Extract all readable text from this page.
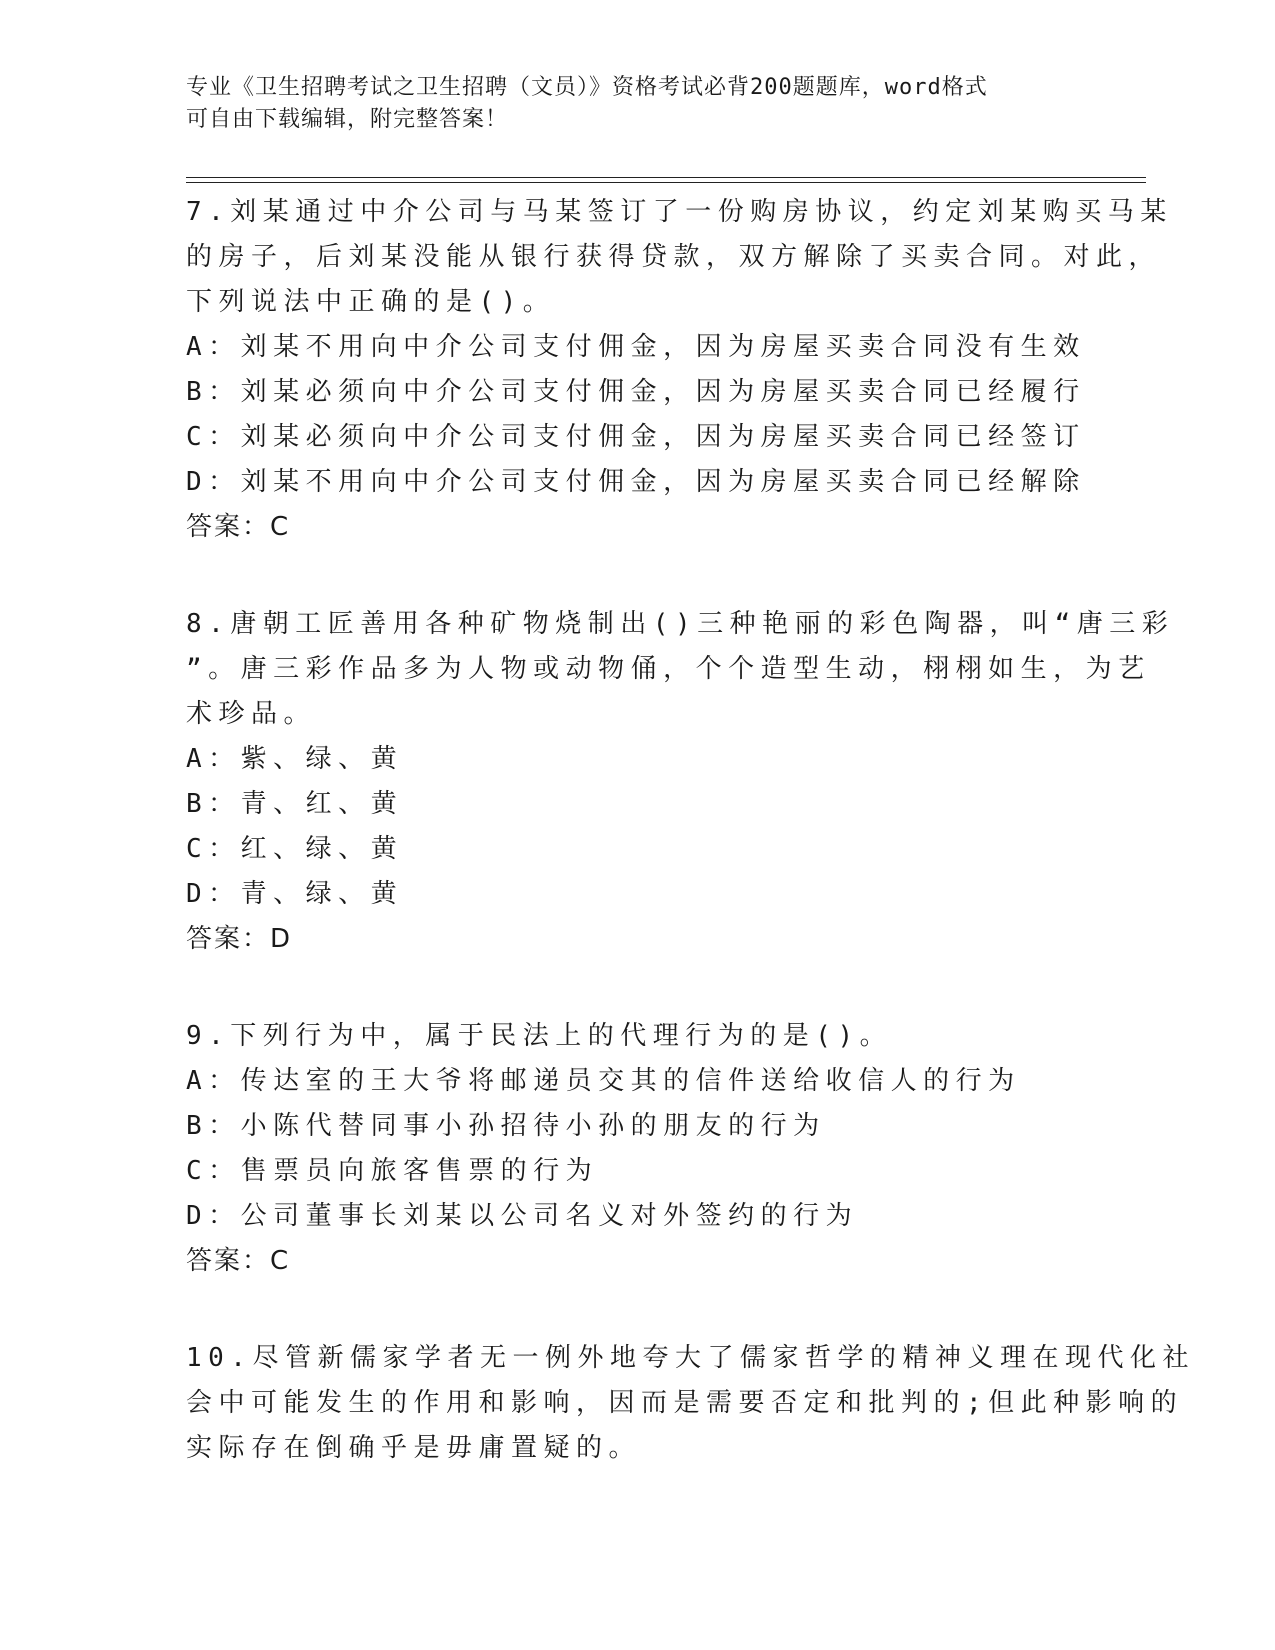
专业《卫生招聘考试之卫生招聘（文员）》资格考试必背200题题库，word格式
可自由下载编辑，附完整答案！
7.刘某通过中介公司与马某签订了一份购房协议，约定刘某购买马某
的房子，后刘某没能从银行获得贷款，双方解除了买卖合同。对此，
下列说法中正确的是()。
A：刘某不用向中介公司支付佣金，因为房屋买卖合同没有生效
B：刘某必须向中介公司支付佣金，因为房屋买卖合同已经履行
C：刘某必须向中介公司支付佣金，因为房屋买卖合同已经签订
D：刘某不用向中介公司支付佣金，因为房屋买卖合同已经解除
答案：C
8.唐朝工匠善用各种矿物烧制出()三种艳丽的彩色陶器，叫“唐三彩
”。唐三彩作品多为人物或动物俑，个个造型生动，栩栩如生，为艺
术珍品。
A：紫、绿、黄
B：青、红、黄
C：红、绿、黄
D：青、绿、黄
答案：D
9.下列行为中，属于民法上的代理行为的是()。
A：传达室的王大爷将邮递员交其的信件送给收信人的行为
B：小陈代替同事小孙招待小孙的朋友的行为
C：售票员向旅客售票的行为
D：公司董事长刘某以公司名义对外签约的行为
答案：C
10.尽管新儒家学者无一例外地夸大了儒家哲学的精神义理在现代化社
会中可能发生的作用和影响，因而是需要否定和批判的;但此种影响的
实际存在倒确乎是毋庸置疑的。
